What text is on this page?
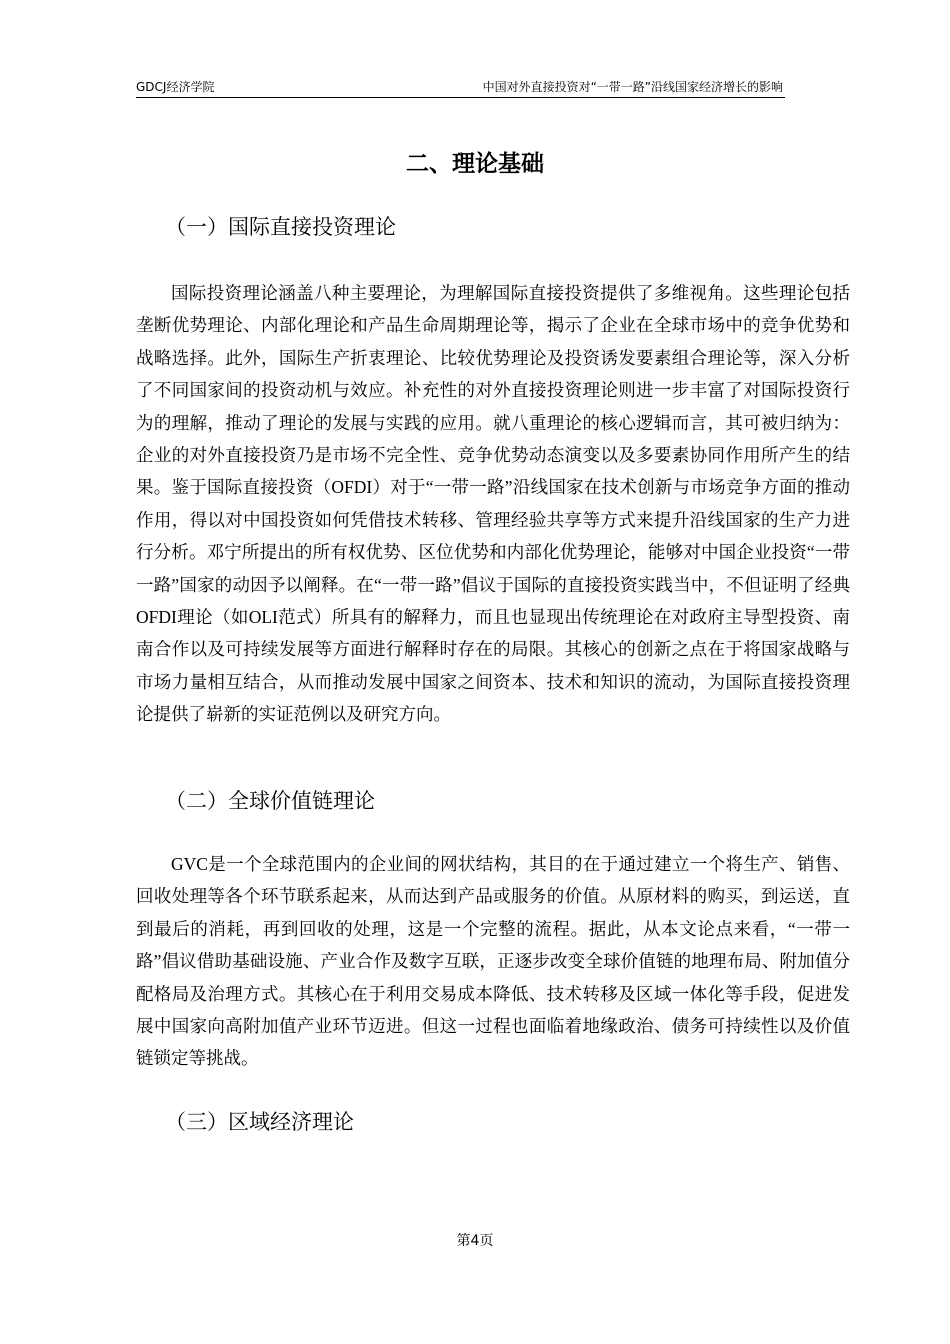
GDCJ经济学院	中国对外直接投资对“一带一路”沿线国家经济增长的影响
二、理论基础
（一）国际直接投资理论

国际投资理论涵盖八种主要理论，为理解国际直接投资提供了多维视角。这些理论包括垄断优势理论、内部化理论和产品生命周期理论等，揭示了企业在全球市场中的竞争优势和战略选择。此外，国际生产折衷理论、比较优势理论及投资诱发要素组合理论等，深入分析了不同国家间的投资动机与效应。补充性的对外直接投资理论则进一步丰富了对国际投资行为的理解，推动了理论的发展与实践的应用。就八重理论的核心逻辑而言，其可被归纳为：企业的对外直接投资乃是市场不完全性、竞争优势动态演变以及多要素协同作用所产生的结果。鉴于国际直接投资（OFDI）对于“一带一路”沿线国家在技术创新与市场竞争方面的推动作用，得以对中国投资如何凭借技术转移、管理经验共享等方式来提升沿线国家的生产力进行分析。邓宁所提出的所有权优势、区位优势和内部化优势理论，能够对中国企业投资“一带一路”国家的动因予以阐释。在“一带一路”倡议于国际的直接投资实践当中，不但证明了经典OFDI理论（如OLI范式）所具有的解释力，而且也显现出传统理论在对政府主导型投资、南南合作以及可持续发展等方面进行解释时存在的局限。其核心的创新之点在于将国家战略与市场力量相互结合，从而推动发展中国家之间资本、技术和知识的流动，为国际直接投资理论提供了崭新的实证范例以及研究方向。

（二）全球价值链理论

GVC是一个全球范围内的企业间的网状结构，其目的在于通过建立一个将生产、销售、回收处理等各个环节联系起来，从而达到产品或服务的价值。从原材料的购买，到运送，直到最后的消耗，再到回收的处理，这是一个完整的流程。据此，从本文论点来看，“一带一路”倡议借助基础设施、产业合作及数字互联，正逐步改变全球价值链的地理布局、附加值分配格局及治理方式。其核心在于利用交易成本降低、技术转移及区域一体化等手段，促进发展中国家向高附加值产业环节迈进。但这一过程也面临着地缘政治、债务可持续性以及价值链锁定等挑战。

（三）区域经济理论
第4页
